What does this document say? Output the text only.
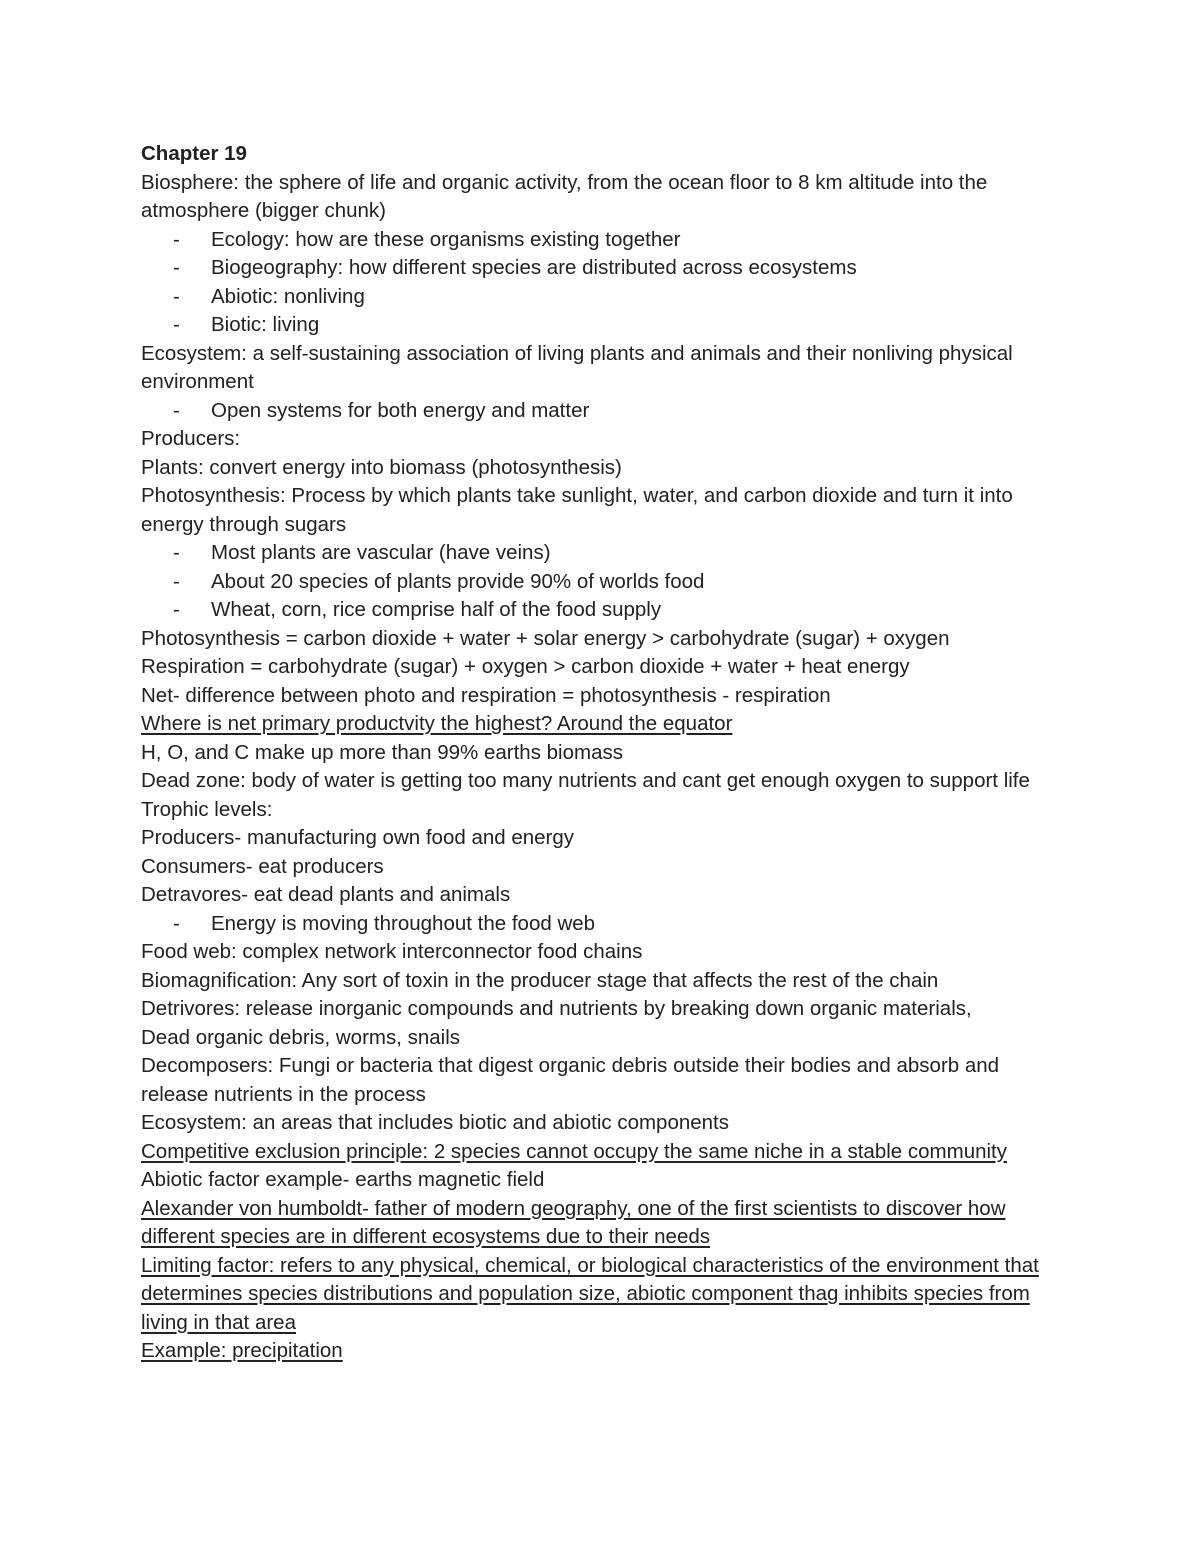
Chapter 19

Biosphere: the sphere of life and organic activity, from the ocean floor to 8 km altitude into the atmosphere (bigger chunk)

- Ecology: how are these organisms existing together

- Biogeography: how different species are distributed across ecosystems

- Abiotic: nonliving

- Biotic: living

Ecosystem: a self-sustaining association of living plants and animals and their nonliving physical environment

- Open systems for both energy and matter

Producers:

Plants: convert energy into biomass (photosynthesis)

Photosynthesis: Process by which plants take sunlight, water, and carbon dioxide and turn it into energy through sugars

- Most plants are vascular (have veins)

- About 20 species of plants provide 90% of worlds food

- Wheat, corn, rice comprise half of the food supply

Photosynthesis = carbon dioxide + water + solar energy > carbohydrate (sugar) + oxygen

Respiration = carbohydrate (sugar) + oxygen > carbon dioxide + water + heat energy

Net- difference between photo and respiration = photosynthesis - respiration

Where is net primary productvity the highest? Around the equator

H, O, and C make up more than 99% earths biomass

Dead zone: body of water is getting too many nutrients and cant get enough oxygen to support life

Trophic levels:

Producers- manufacturing own food and energy

Consumers- eat producers

Detravores- eat dead plants and animals

- Energy is moving throughout the food web

Food web: complex network interconnector food chains

Biomagnification: Any sort of toxin in the producer stage that affects the rest of the chain

Detrivores: release inorganic compounds and nutrients by breaking down organic materials,

Dead organic debris, worms, snails

Decomposers: Fungi or bacteria that digest organic debris outside their bodies and absorb and release nutrients in the process

Ecosystem: an areas that includes biotic and abiotic components

Competitive exclusion principle: 2 species cannot occupy the same niche in a stable community

Abiotic factor example- earths magnetic field

Alexander von humboldt- father of modern geography, one of the first scientists to discover how different species are in different ecosystems due to their needs

Limiting factor: refers to any physical, chemical, or biological characteristics of the environment that determines species distributions and population size, abiotic component thag inhibits species from living in that area

Example: precipitation
